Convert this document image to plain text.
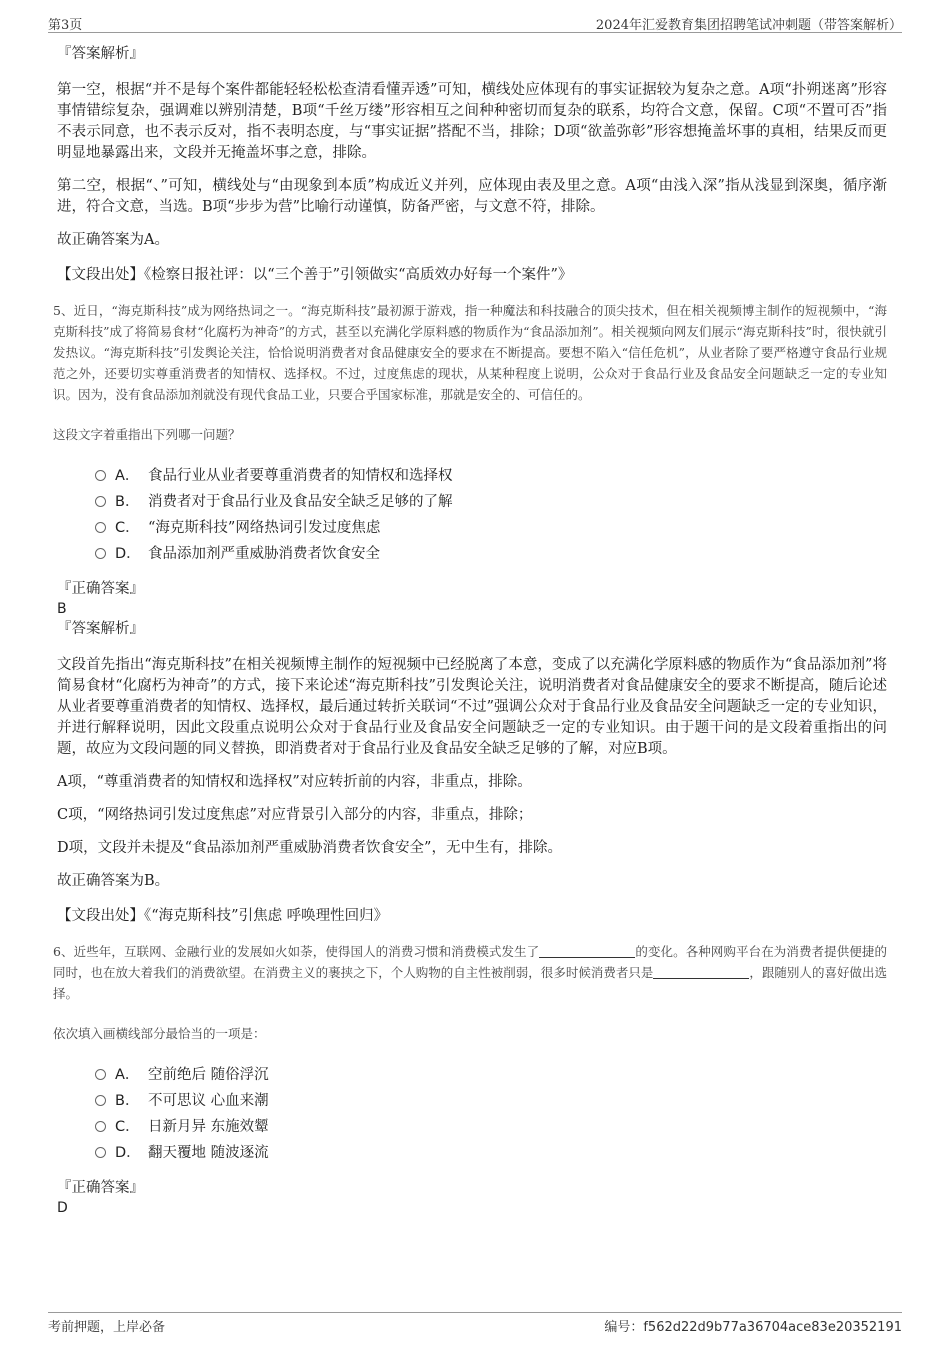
第3页	2024年汇爱教育集团招聘笔试冲刺题（带答案解析）
『答案解析』

第一空，根据“并不是每个案件都能轻轻松松查清看懂弄透”可知，横线处应体现有的事实证据较为复杂之意。A项“扑朔迷离”形容事情错综复杂，强调难以辨别清楚，B项“千丝万缕”形容相互之间种种密切而复杂的联系，均符合文意，保留。C项“不置可否”指不表示同意，也不表示反对，指不表明态度，与“事实证据”搭配不当，排除；D项“欲盖弥彰”形容想掩盖坏事的真相，结果反而更明显地暴露出来，文段并无掩盖坏事之意，排除。

第二空，根据“、”可知，横线处与“由现象到本质”构成近义并列，应体现由表及里之意。A项“由浅入深”指从浅显到深奥，循序渐进，符合文意，当选。B项“步步为营”比喻行动谨慎，防备严密，与文意不符，排除。

故正确答案为A。

【文段出处】《检察日报社评：以“三个善于”引领做实“高质效办好每一个案件”》

5、近日，“海克斯科技”成为网络热词之一。“海克斯科技”最初源于游戏，指一种魔法和科技融合的顶尖技术，但在相关视频博主制作的短视频中，“海克斯科技”成了将简易食材“化腐朽为神奇”的方式，甚至以充满化学原料感的物质作为“食品添加剂”。相关视频向网友们展示“海克斯科技”时，很快就引发热议。“海克斯科技”引发舆论关注，恰恰说明消费者对食品健康安全的要求在不断提高。要想不陷入“信任危机”，从业者除了要严格遵守食品行业规范之外，还要切实尊重消费者的知情权、选择权。不过，过度焦虑的现状，从某种程度上说明，公众对于食品行业及食品安全问题缺乏一定的专业知识。因为，没有食品添加剂就没有现代食品工业，只要合乎国家标准，那就是安全的、可信任的。

这段文字着重指出下列哪一问题？

A． 食品行业从业者要尊重消费者的知情权和选择权
B． 消费者对于食品行业及食品安全缺乏足够的了解
C． “海克斯科技”网络热词引发过度焦虑
D． 食品添加剂严重威胁消费者饮食安全
『正确答案』
B
『答案解析』

文段首先指出“海克斯科技”在相关视频博主制作的短视频中已经脱离了本意，变成了以充满化学原料感的物质作为“食品添加剂”将简易食材“化腐朽为神奇”的方式，接下来论述“海克斯科技”引发舆论关注，说明消费者对食品健康安全的要求不断提高，随后论述从业者要尊重消费者的知情权、选择权，最后通过转折关联词“不过”强调公众对于食品行业及食品安全问题缺乏一定的专业知识，并进行解释说明，因此文段重点说明公众对于食品行业及食品安全问题缺乏一定的专业知识。由于题干问的是文段着重指出的问题，故应为文段问题的同义替换，即消费者对于食品行业及食品安全缺乏足够的了解，对应B项。

A项，“尊重消费者的知情权和选择权”对应转折前的内容，非重点，排除。

C项，“网络热词引发过度焦虑”对应背景引入部分的内容，非重点，排除；

D项，文段并未提及“食品添加剂严重威胁消费者饮食安全”，无中生有，排除。

故正确答案为B。

【文段出处】《“海克斯科技”引焦虑 呼唤理性回归》

6、近些年，互联网、金融行业的发展如火如荼，使得国人的消费习惯和消费模式发生了	的变化。各种网购平台在为消费者提供便捷的同时，也在放大着我们的消费欲望。在消费主义的裹挟之下，个人购物的自主性被削弱，很多时候消费者只是	，跟随别人的喜好做出选择。

依次填入画横线部分最恰当的一项是：

A． 空前绝后 随俗浮沉
B． 不可思议 心血来潮
C． 日新月异 东施效颦
D． 翻天覆地 随波逐流
『正确答案』
D
考前押题，上岸必备	编号：f562d22d9b77a36704ace83e20352191
